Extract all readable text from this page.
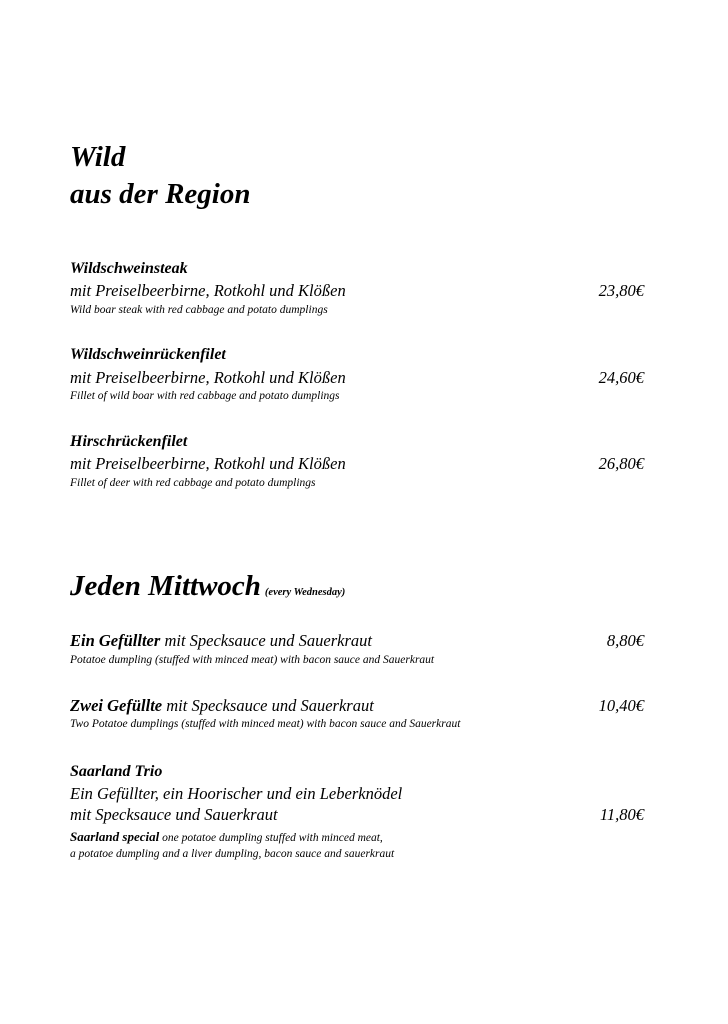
Wild
aus der Region
Wildschweinsteak
mit Preiselbeerbirne, Rotkohl und Klößen	23,80€
Wild boar steak with red cabbage and potato dumplings
Wildschweinrückenfilet
mit Preiselbeerbirne, Rotkohl und Klößen	24,60€
Fillet of wild boar with red cabbage and potato dumplings
Hirschrückenfilet
mit Preiselbeerbirne, Rotkohl und Klößen	26,80€
Fillet of deer with red cabbage and potato dumplings
Jeden Mittwoch (every Wednesday)
Ein Gefüllter mit Specksauce und Sauerkraut	8,80€
Potatoe dumpling (stuffed with minced meat) with bacon sauce and Sauerkraut
Zwei Gefüllte mit Specksauce und Sauerkraut	10,40€
Two Potatoe dumplings (stuffed with minced meat) with bacon sauce and Sauerkraut
Saarland Trio
Ein Gefüllter, ein Hoorischer und ein Leberknödel
mit Specksauce und Sauerkraut	11,80€
Saarland special one potatoe dumpling stuffed with minced meat,
a potatoe dumpling and a liver dumpling, bacon sauce and sauerkraut
